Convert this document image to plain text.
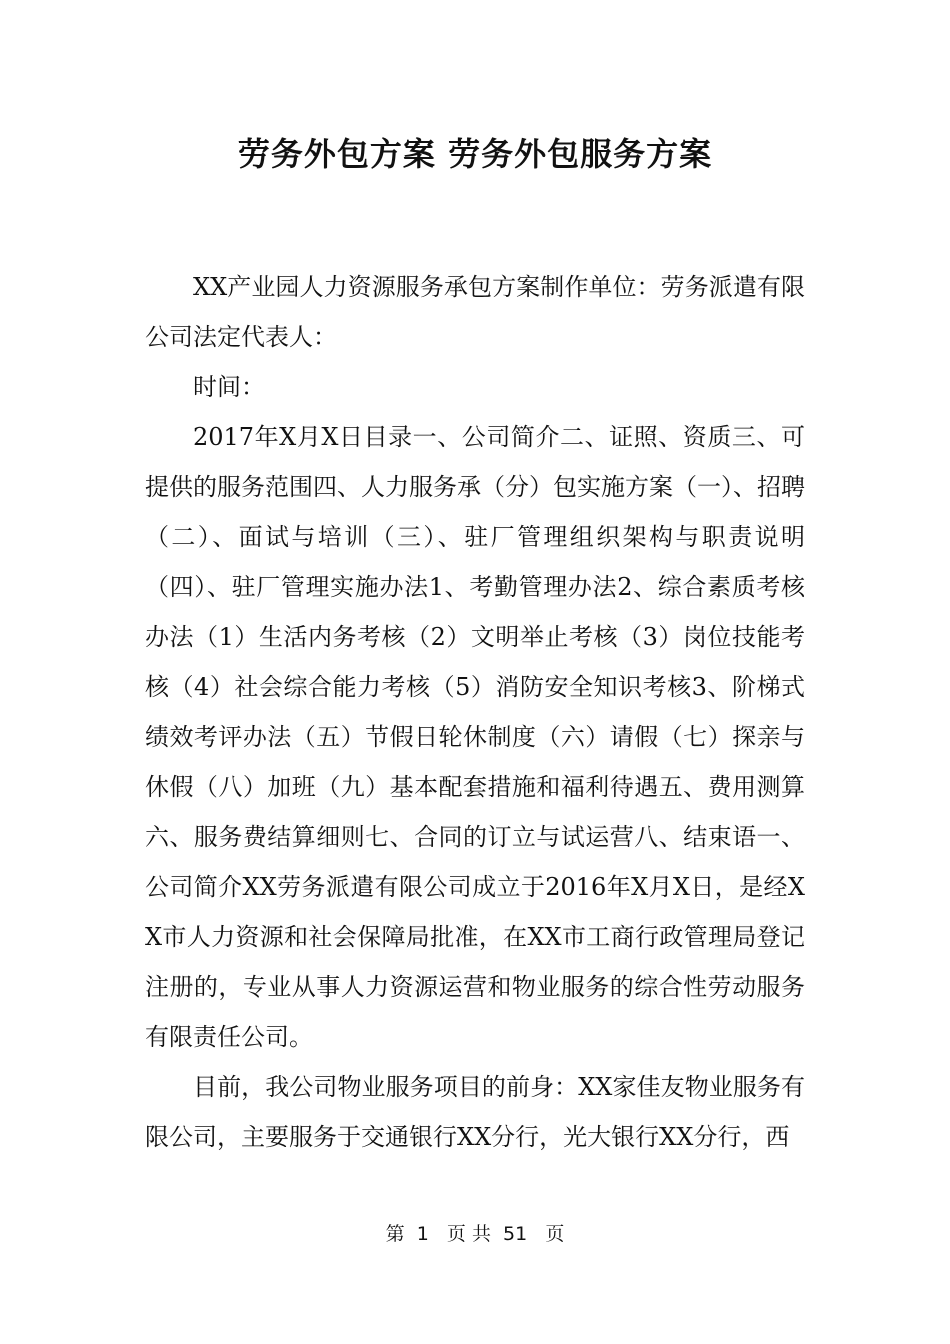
劳务外包方案 劳务外包服务方案

XX产业园人力资源服务承包方案制作单位：劳务派遣有限公司法定代表人：

时间：

2017年X月X日目录一、公司简介二、证照、资质三、可提供的服务范围四、人力服务承（分）包实施方案（一）、招聘（二）、面试与培训（三）、驻厂管理组织架构与职责说明（四）、驻厂管理实施办法1、考勤管理办法2、综合素质考核办法（1）生活内务考核（2）文明举止考核（3）岗位技能考核（4）社会综合能力考核（5）消防安全知识考核3、阶梯式绩效考评办法（五）节假日轮休制度（六）请假（七）探亲与休假（八）加班（九）基本配套措施和福利待遇五、费用测算六、服务费结算细则七、合同的订立与试运营八、结束语一、公司简介XX劳务派遣有限公司成立于2016年X月X日，是经XX市人力资源和社会保障局批准，在XX市工商行政管理局登记注册的，专业从事人力资源运营和物业服务的综合性劳动服务有限责任公司。

目前，我公司物业服务项目的前身：XX家佳友物业服务有限公司，主要服务于交通银行XX分行，光大银行XX分行，西

第  1   页 共  51   页
